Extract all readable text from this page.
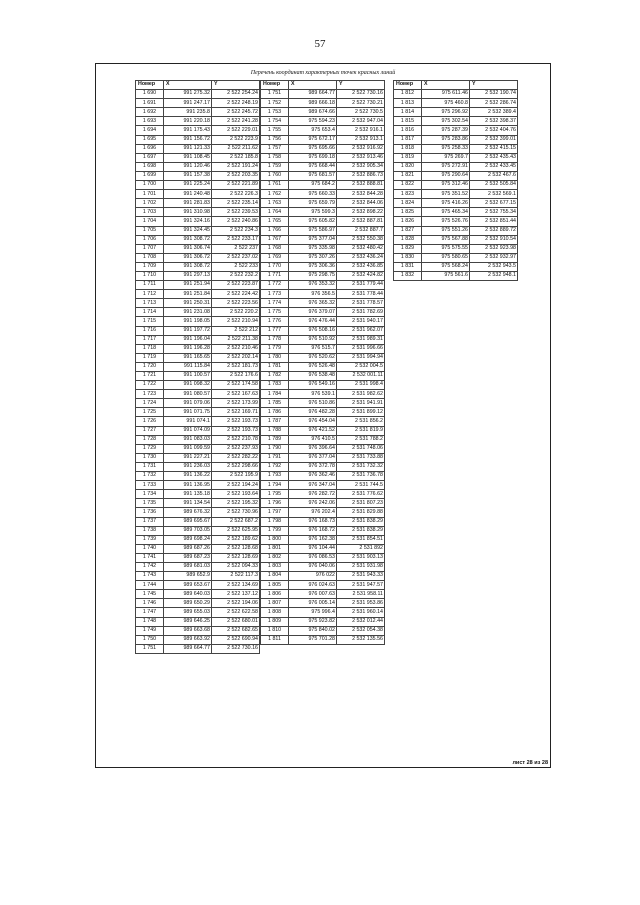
57
Перечень координат характерных точек красных линий
Номер	X	Y
1 690	991 275.32	2 522 254.24
1 691	991 247.17	2 522 248.19
1 692	991 235.8	2 522 245.72
1 693	991 220.18	2 522 241.28
1 694	991 175.43	2 522 229.01
1 695	991 156.72	2 522 223.9
1 696	991 121.33	2 522 211.62
1 697	991 108.45	2 522 185.8
1 698	991 120.46	2 522 191.24
1 699	991 157.38	2 522 203.35
1 700	991 225.24	2 522 221.89
1 701	991 240.48	2 522 226.3
1 702	991 281.83	2 522 235.14
1 703	991 310.98	2 522 239.53
1 704	991 324.16	2 522 240.86
1 705	991 324.45	2 522 234.3
1 706	991 308.72	2 522 233.17
1 707	991 306.74	2 522 237
1 708	991 306.72	2 522 237.02
1 709	991 308.72	2 522 233
1 710	991 297.13	2 522 232.2
1 711	991 251.94	2 522 223.87
1 712	991 251.84	2 522 224.42
1 713	991 250.31	2 522 223.56
1 714	991 231.08	2 522 220.2
1 715	991 198.05	2 522 210.94
1 716	991 197.72	2 522 212
1 717	991 196.04	2 522 211.38
1 718	991 196.28	2 522 210.46
1 719	991 165.65	2 522 202.14
1 720	991 115.84	2 522 181.73
1 721	991 100.57	2 522 176.6
1 722	991 098.32	2 522 174.58
1 723	991 080.57	2 522 167.63
1 724	991 079.06	2 522 173.99
1 725	991 071.75	2 522 169.71
1 726	991 074.1	2 522 193.73
1 727	991 074.09	2 522 193.73
1 728	991 083.03	2 522 210.78
1 729	991 099.59	2 522 237.93
1 730	991 227.21	2 522 282.22
1 731	991 236.03	2 522 298.66
1 732	991 136.22	2 522 195.9
1 733	991 136.95	2 522 194.24
1 734	991 135.18	2 522 193.64
1 735	991 134.54	2 522 195.32
1 736	989 676.32	2 522 730.96
1 737	989 695.67	2 522 687.2
1 738	989 703.05	2 522 625.95
1 739	989 698.24	2 522 189.62
1 740	989 687.26	2 522 128.68
1 741	989 687.23	2 522 128.69
1 742	989 681.03	2 522 094.33
1 743	989 652.9	2 522 117.3
1 744	989 653.67	2 522 134.69
1 745	989 640.03	2 522 137.12
1 746	989 650.29	2 522 194.06
1 747	989 655.03	2 522 622.58
1 748	989 646.25	2 522 680.01
1 749	989 663.68	2 522 682.65
1 750	989 663.92	2 522 690.94
1 751	989 664.77	2 522 730.16
Номер	X	Y
1 751	989 664.77	2 522 730.16
1 752	989 666.18	2 522 730.21
1 753	989 674.66	2 522 730.5
1 754	975 594.23	2 532 947.04
1 755	975 653.4	2 532 916.1
1 756	975 672.17	2 532 913.1
1 757	975 695.66	2 532 916.92
1 758	975 699.18	2 532 913.46
1 759	975 668.44	2 532 905.34
1 760	975 681.57	2 532 886.73
1 761	975 684.2	2 532 888.81
1 762	975 660.33	2 532 844.28
1 763	975 659.79	2 532 844.06
1 764	975 599.3	2 532 898.22
1 765	975 605.82	2 532 887.81
1 766	975 586.97	2 532 887.7
1 767	975 377.04	2 532 550.38
1 768	975 335.98	2 532 480.42
1 769	975 307.26	2 532 436.24
1 770	975 306.36	2 532 436.85
1 771	975 298.75	2 532 424.82
1 772	976 353.32	2 531 779.44
1 773	976 356.5	2 531 778.44
1 774	976 365.32	2 531 778.57
1 775	976 379.07	2 531 782.69
1 776	976 476.44	2 531 940.17
1 777	976 508.16	2 531 962.07
1 778	976 510.92	2 531 989.31
1 779	976 515.7	2 531 996.66
1 780	976 520.62	2 531 994.94
1 781	976 526.48	2 532 004.5
1 782	976 538.48	2 532 001.11
1 783	976 549.16	2 531 998.4
1 784	976 539.1	2 531 982.62
1 785	976 510.86	2 531 941.91
1 786	976 482.28	2 531 899.12
1 787	976 454.04	2 531 856.2
1 788	976 421.52	2 531 819.9
1 789	976 410.5	2 531 788.2
1 790	976 396.64	2 531 748.06
1 791	976 377.04	2 531 733.88
1 792	976 372.78	2 531 732.32
1 793	976 362.46	2 531 736.78
1 794	976 347.04	2 531 744.5
1 795	976 282.72	2 531 776.62
1 796	976 242.06	2 531 807.23
1 797	976 202.4	2 531 829.88
1 798	976 168.73	2 531 838.29
1 799	976 168.72	2 531 838.29
1 800	976 162.38	2 531 854.51
1 801	976 104.44	2 531 892
1 802	976 086.53	2 531 903.13
1 803	976 040.06	2 531 931.98
1 804	976 022	2 531 943.33
1 805	976 024.63	2 531 947.57
1 806	976 007.63	2 531 958.11
1 807	976 005.14	2 531 953.86
1 808	975 996.4	2 531 960.14
1 809	975 923.82	2 532 012.44
1 810	975 840.02	2 532 054.38
1 811	975 701.28	2 532 135.56
Номер	X	Y
1 812	975 611.46	2 532 190.74
1 813	975 460.8	2 532 286.74
1 814	975 296.92	2 532 389.4
1 815	975 302.54	2 532 398.37
1 816	975 287.39	2 532 404.76
1 817	975 283.86	2 532 399.01
1 818	975 258.33	2 532 415.15
1 819	975 269.7	2 532 435.43
1 820	975 272.91	2 532 433.45
1 821	975 290.64	2 532 467.6
1 822	975 312.46	2 532 505.84
1 823	975 351.52	2 532 569.1
1 824	975 416.26	2 532 677.15
1 825	975 465.34	2 532 755.34
1 826	975 526.76	2 532 851.44
1 827	975 551.26	2 532 889.72
1 828	975 567.88	2 532 910.54
1 829	975 575.55	2 532 923.98
1 830	975 580.65	2 532 932.97
1 831	975 568.24	2 532 943.5
1 832	975 561.6	2 532 948.1
лист 28 из 28
